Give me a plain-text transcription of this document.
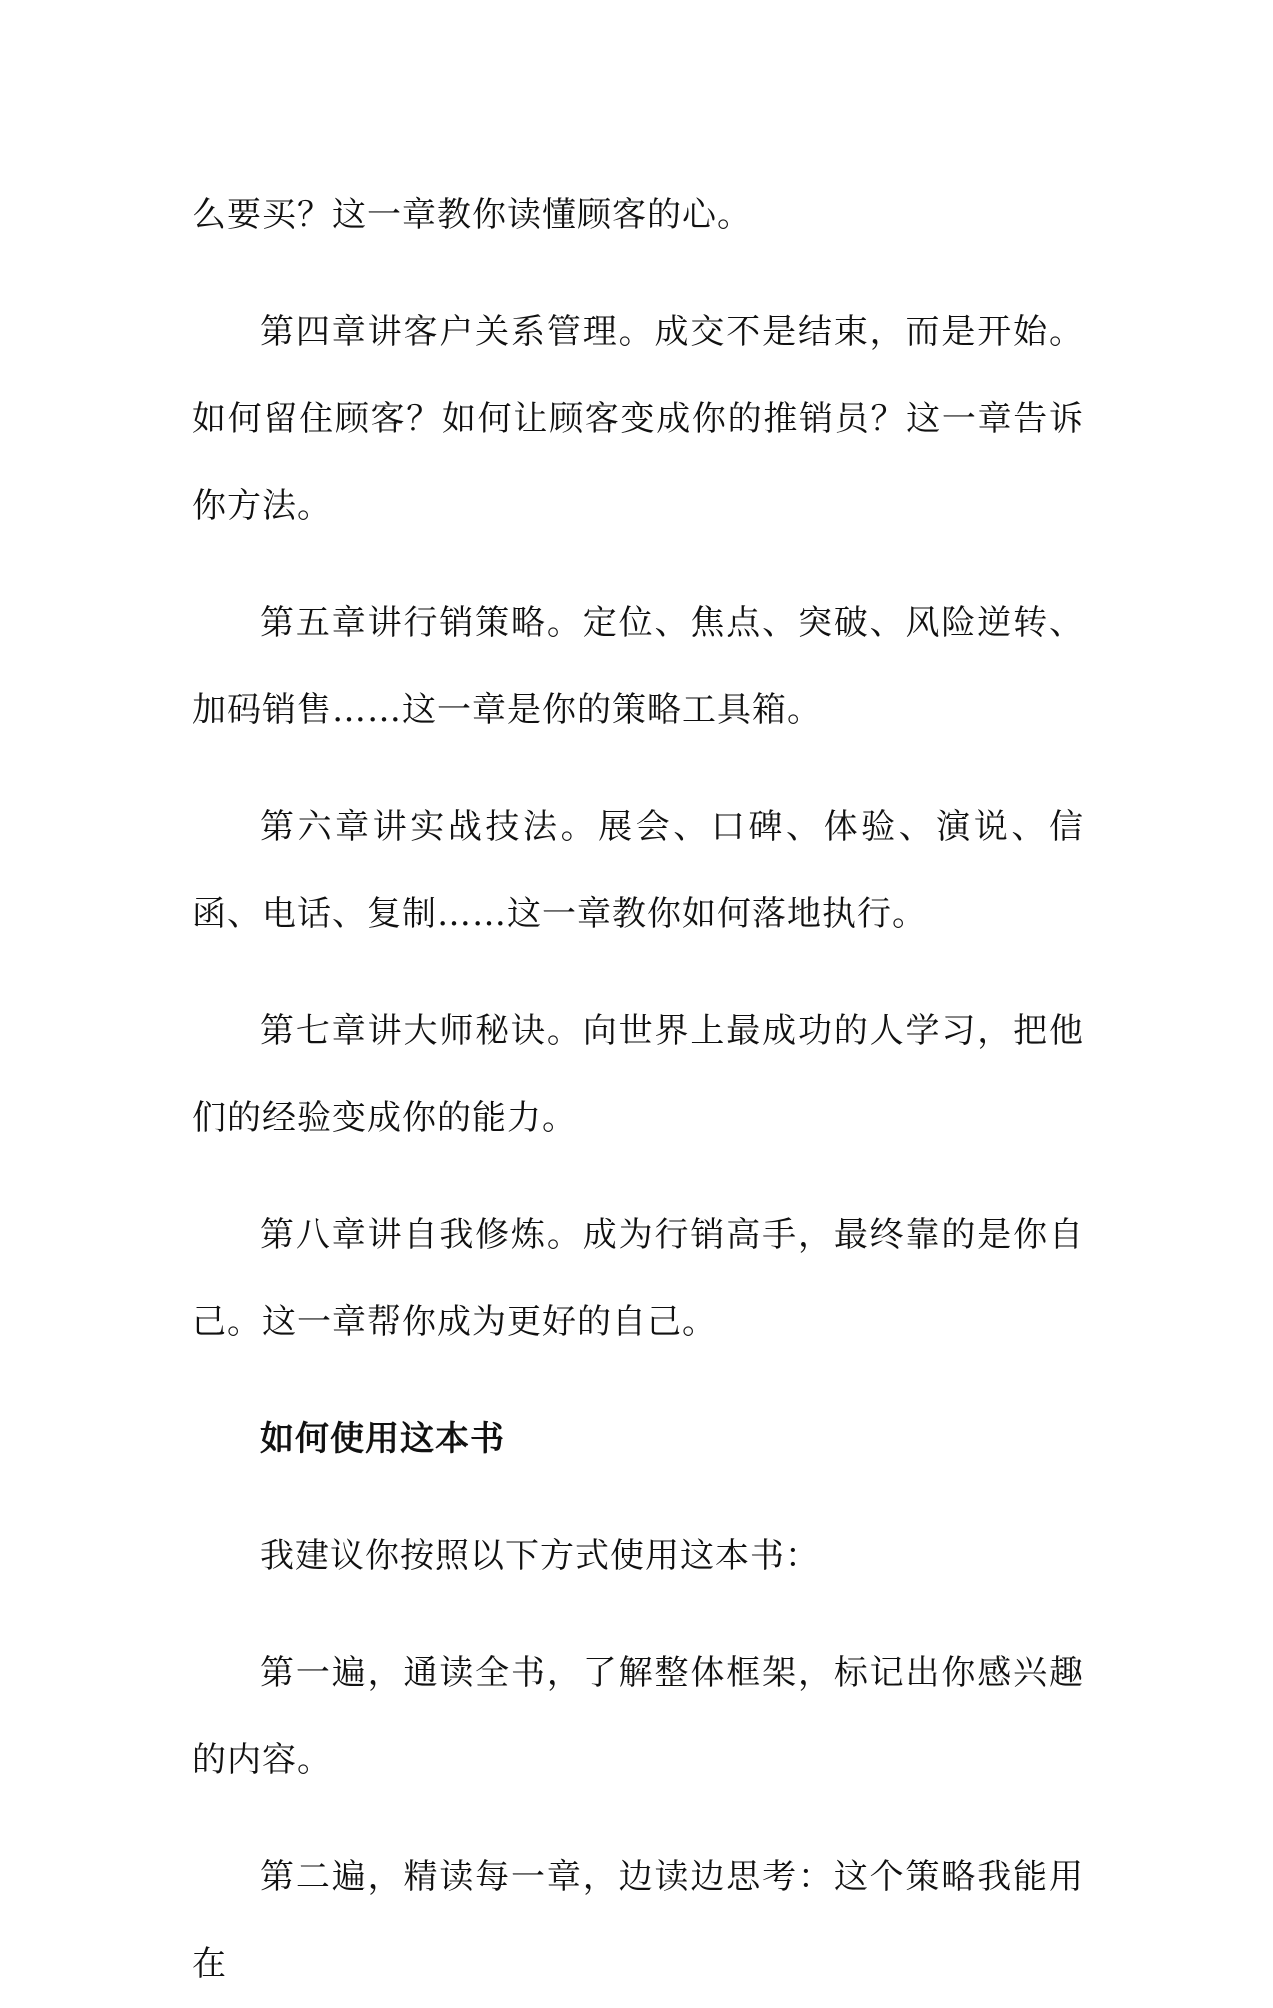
么要买？这一章教你读懂顾客的心。

第四章讲客户关系管理。成交不是结束，而是开始。如何留住顾客？如何让顾客变成你的推销员？这一章告诉你方法。

第五章讲行销策略。定位、焦点、突破、风险逆转、加码销售……这一章是你的策略工具箱。

第六章讲实战技法。展会、口碑、体验、演说、信函、电话、复制……这一章教你如何落地执行。

第七章讲大师秘诀。向世界上最成功的人学习，把他们的经验变成你的能力。

第八章讲自我修炼。成为行销高手，最终靠的是你自己。这一章帮你成为更好的自己。

如何使用这本书

我建议你按照以下方式使用这本书：

第一遍，通读全书，了解整体框架，标记出你感兴趣的内容。

第二遍，精读每一章，边读边思考：这个策略我能用在
